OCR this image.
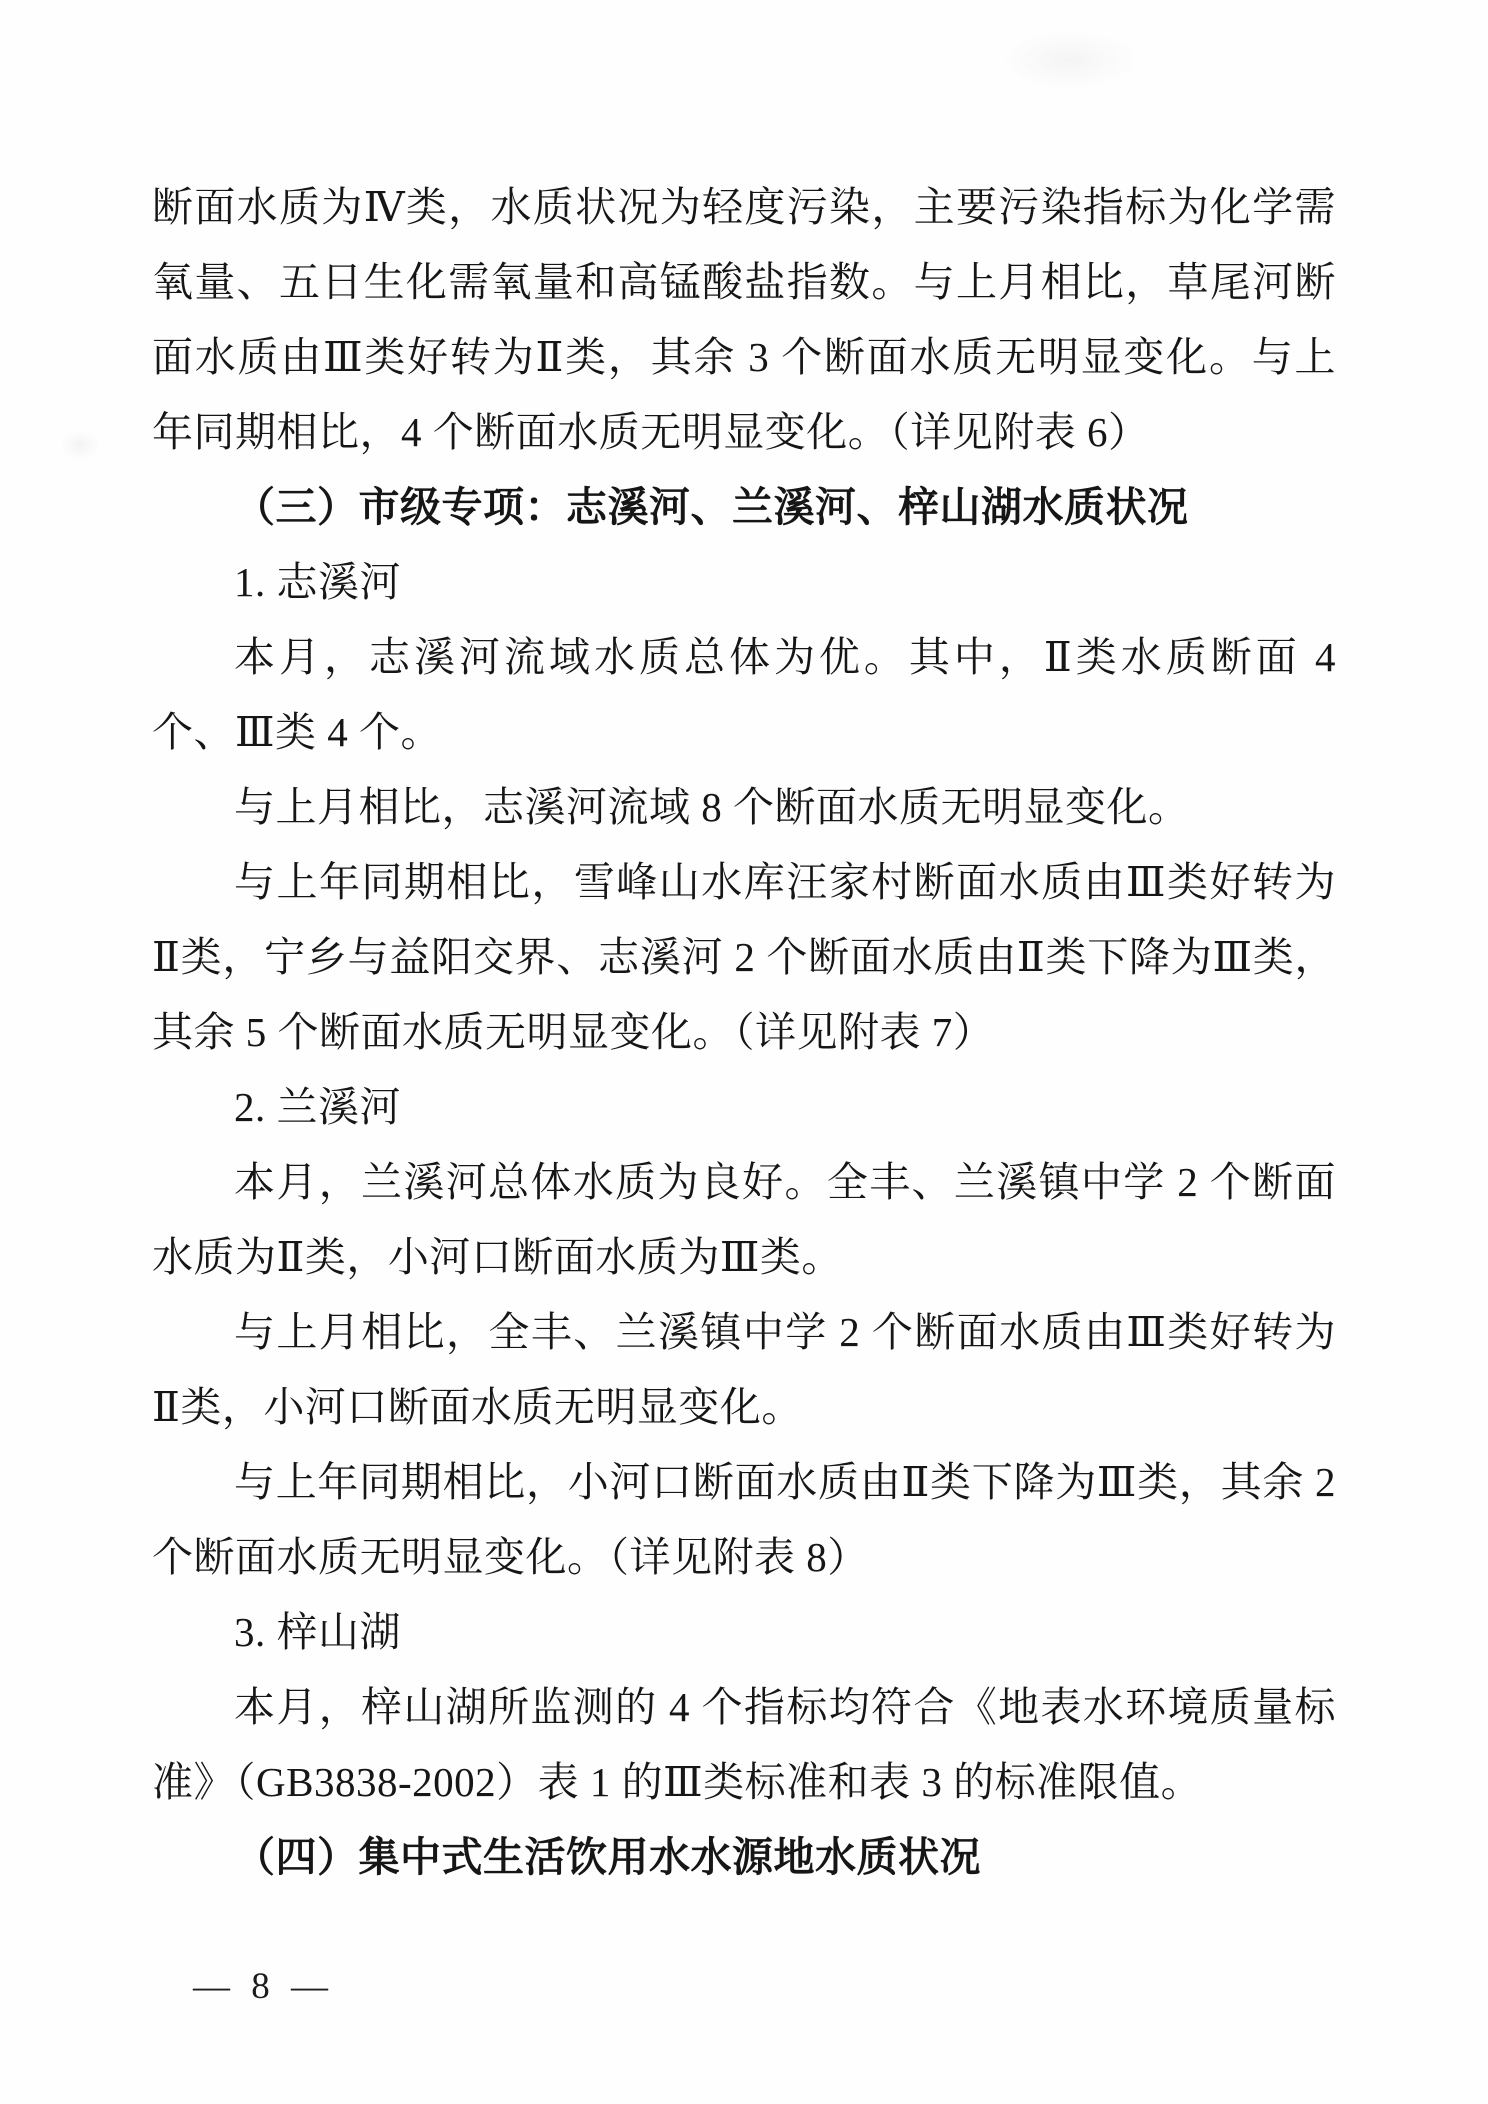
断面水质为Ⅳ类，水质状况为轻度污染，主要污染指标为化学需氧量、五日生化需氧量和高锰酸盐指数。与上月相比，草尾河断面水质由Ⅲ类好转为Ⅱ类，其余 3 个断面水质无明显变化。与上年同期相比，4 个断面水质无明显变化。（详见附表 6）

（三）市级专项：志溪河、兰溪河、梓山湖水质状况

1. 志溪河

本月，志溪河流域水质总体为优。其中，Ⅱ类水质断面 4 个、Ⅲ类 4 个。

与上月相比，志溪河流域 8 个断面水质无明显变化。

与上年同期相比，雪峰山水库汪家村断面水质由Ⅲ类好转为Ⅱ类，宁乡与益阳交界、志溪河 2 个断面水质由Ⅱ类下降为Ⅲ类，其余 5 个断面水质无明显变化。（详见附表 7）

2. 兰溪河

本月，兰溪河总体水质为良好。全丰、兰溪镇中学 2 个断面水质为Ⅱ类，小河口断面水质为Ⅲ类。

与上月相比，全丰、兰溪镇中学 2 个断面水质由Ⅲ类好转为Ⅱ类，小河口断面水质无明显变化。

与上年同期相比，小河口断面水质由Ⅱ类下降为Ⅲ类，其余 2 个断面水质无明显变化。（详见附表 8）

3. 梓山湖

本月，梓山湖所监测的 4 个指标均符合《地表水环境质量标准》（GB3838-2002）表 1 的Ⅲ类标准和表 3 的标准限值。

（四）集中式生活饮用水水源地水质状况

— 8 —
